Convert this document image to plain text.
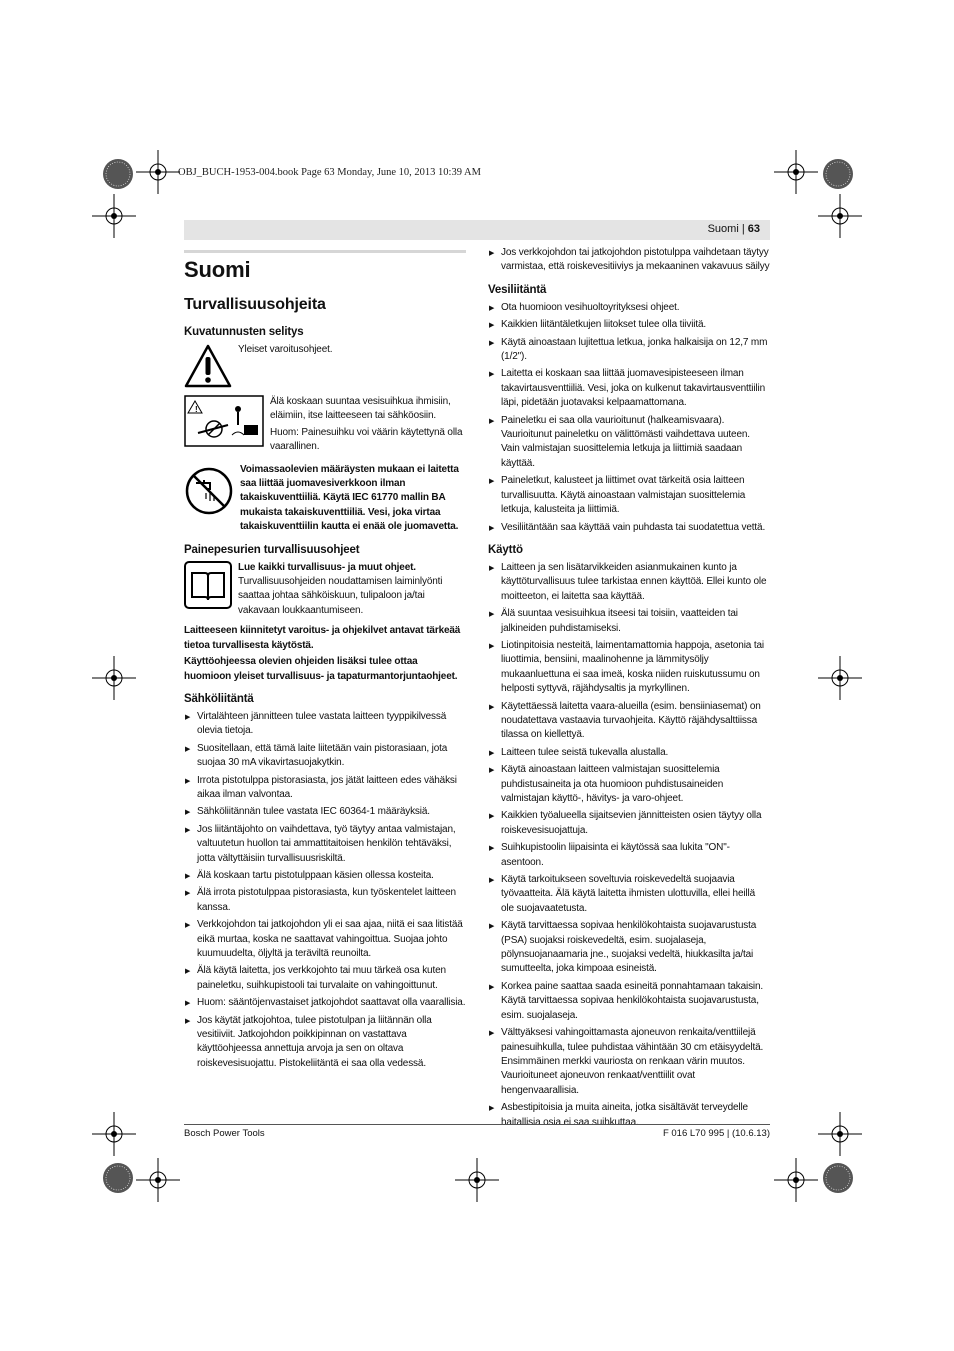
OBJ_BUCH-1953-004.book Page 63 Monday, June 10, 2013 10:39 AM
Suomi | 63
Suomi
Turvallisuusohjeita
Kuvatunnusten selitys
Yleiset varoitusohjeet.
!

Älä koskaan suuntaa vesisuihkua ihmisiin, eläimiin, itse laitteeseen tai sähköosiin.

Huom: Painesuihku voi väärin käytettynä olla vaarallinen.

Voimassaolevien määräysten mukaan ei laitetta saa liittää juomavesiverkkoon ilman takaiskuventtiiliä. Käytä IEC 61770 mallin BA mukaista takaiskuventtiiliä. Vesi, joka virtaa takaiskuventtiilin kautta ei enää ole juomavetta.
Painepesurien turvallisuusohjeet
Lue kaikki turvallisuus- ja muut ohjeet. Turvallisuusohjeiden noudattamisen laiminlyönti saattaa johtaa sähköiskuun, tulipaloon ja/tai vakavaan loukkaantumiseen.

Laitteeseen kiinnitetyt varoitus- ja ohjekilvet antavat tärkeää tietoa turvallisesta käytöstä.

Käyttöohjeessa olevien ohjeiden lisäksi tulee ottaa huomioon yleiset turvallisuus- ja tapaturmantorjuntaohjeet.

Sähköliitäntä
▶ Virtalähteen jännitteen tulee vastata laitteen tyyppikilvessä olevia tietoja.
▶ Suositellaan, että tämä laite liitetään vain pistorasiaan, jota suojaa 30 mA vikavirtasuojakytkin.
▶ Irrota pistotulppa pistorasiasta, jos jätät laitteen edes vähäksi aikaa ilman valvontaa.
▶ Sähköliitännän tulee vastata IEC 60364-1 määräyksiä.
▶ Jos liitäntäjohto on vaihdettava, työ täytyy antaa valmistajan, valtuutetun huollon tai ammattitaitoisen henkilön tehtäväksi, jotta vältyttäisiin turvallisuusriskiltä.
▶ Älä koskaan tartu pistotulppaan käsien ollessa kosteita.
▶ Älä irrota pistotulppaa pistorasiasta, kun työskentelet laitteen kanssa.
▶ Verkkojohdon tai jatkojohdon yli ei saa ajaa, niitä ei saa litistää eikä murtaa, koska ne saattavat vahingoittua. Suojaa johto kuumuudelta, öljyltä ja teräviltä reunoilta.
▶ Älä käytä laitetta, jos verkkojohto tai muu tärkeä osa kuten paineletku, suihkupistooli tai turvalaite on vahingoittunut.
▶ Huom: sääntöjenvastaiset jatkojohdot saattavat olla vaarallisia.
▶ Jos käytät jatkojohtoa, tulee pistotulpan ja liitännän olla vesitiiviit. Jatkojohdon poikkipinnan on vastattava käyttöohjeessa annettuja arvoja ja sen on oltava roiskevesisuojattu. Pistokeliitäntä ei saa olla vedessä.
▶ Jos verkkojohdon tai jatkojohdon pistotulppa vaihdetaan täytyy varmistaa, että roiskevesitiiviys ja mekaaninen vakavuus säilyy
Vesiliitäntä
▶ Ota huomioon vesihuoltoyrityksesi ohjeet.
▶ Kaikkien liitäntäletkujen liitokset tulee olla tiiviitä.
▶ Käytä ainoastaan lujitettua letkua, jonka halkaisija on 12,7 mm (1/2").
▶ Laitetta ei koskaan saa liittää juomavesipisteeseen ilman takavirtausventtiiliä. Vesi, joka on kulkenut takavirtausventtiilin läpi, pidetään juotavaksi kelpaamattomana.
▶ Paineletku ei saa olla vaurioitunut (halkeamisvaara). Vaurioitunut paineletku on välittömästi vaihdettava uuteen. Vain valmistajan suosittelemia letkuja ja liittimiä saadaan käyttää.
▶ Paineletkut, kalusteet ja liittimet ovat tärkeitä osia laitteen turvallisuutta. Käytä ainoastaan valmistajan suosittelemia letkuja, kalusteita ja liittimiä.
▶ Vesiliitäntään saa käyttää vain puhdasta tai suodatettua vettä.
Käyttö
▶ Laitteen ja sen lisätarvikkeiden asianmukainen kunto ja käyttöturvallisuus tulee tarkistaa ennen käyttöä. Ellei kunto ole moitteeton, ei laitetta saa käyttää.
▶ Älä suuntaa vesisuihkua itseesi tai toisiin, vaatteiden tai jalkineiden puhdistamiseksi.
▶ Liotinpitoisia nesteitä, laimentamattomia happoja, asetonia tai liuottimia, bensiini, maalinohenne ja lämmitysöljy mukaanluettuna ei saa imeä, koska niiden ruiskutussumu on helposti syttyvä, räjähdysaltis ja myrkyllinen.
▶ Käytettäessä laitetta vaara-alueilla (esim. bensiiniasemat) on noudatettava vastaavia turvaohjeita. Käyttö räjähdysalttiissa tilassa on kiellettyä.
▶ Laitteen tulee seistä tukevalla alustalla.
▶ Käytä ainoastaan laitteen valmistajan suosittelemia puhdistusaineita ja ota huomioon puhdistusaineiden valmistajan käyttö-, hävitys- ja varo-ohjeet.
▶ Kaikkien työalueella sijaitsevien jännitteisten osien täytyy olla roiskevesisuojattuja.
▶ Suihkupistoolin liipaisinta ei käytössä saa lukita "ON"-asentoon.
▶ Käytä tarkoitukseen soveltuvia roiskevedeltä suojaavia työvaatteita. Älä käytä laitetta ihmisten ulottuvilla, ellei heillä ole suojavaatetusta.
▶ Käytä tarvittaessa sopivaa henkilökohtaista suojavarustusta (PSA) suojaksi roiskevedeltä, esim. suojalaseja, pölynsuojanaamaria jne., suojaksi vedeltä, hiukkasilta ja/tai sumutteelta, joka kimpoaa esineistä.
▶ Korkea paine saattaa saada esineitä ponnahtamaan takaisin. Käytä tarvittaessa sopivaa henkilökohtaista suojavarustusta, esim. suojalaseja.
▶ Välttyäksesi vahingoittamasta ajoneuvon renkaita/venttiilejä painesuihkulla, tulee puhdistaa vähintään 30 cm etäisyydeltä. Ensimmäinen merkki vauriosta on renkaan värin muutos. Vaurioituneet ajoneuvon renkaat/venttiilit ovat hengenvaarallisia.
▶ Asbestipitoisia ja muita aineita, jotka sisältävät terveydelle haitallisia osia ei saa suihkuttaa.
Bosch Power Tools	F 016 L70 995 | (10.6.13)
